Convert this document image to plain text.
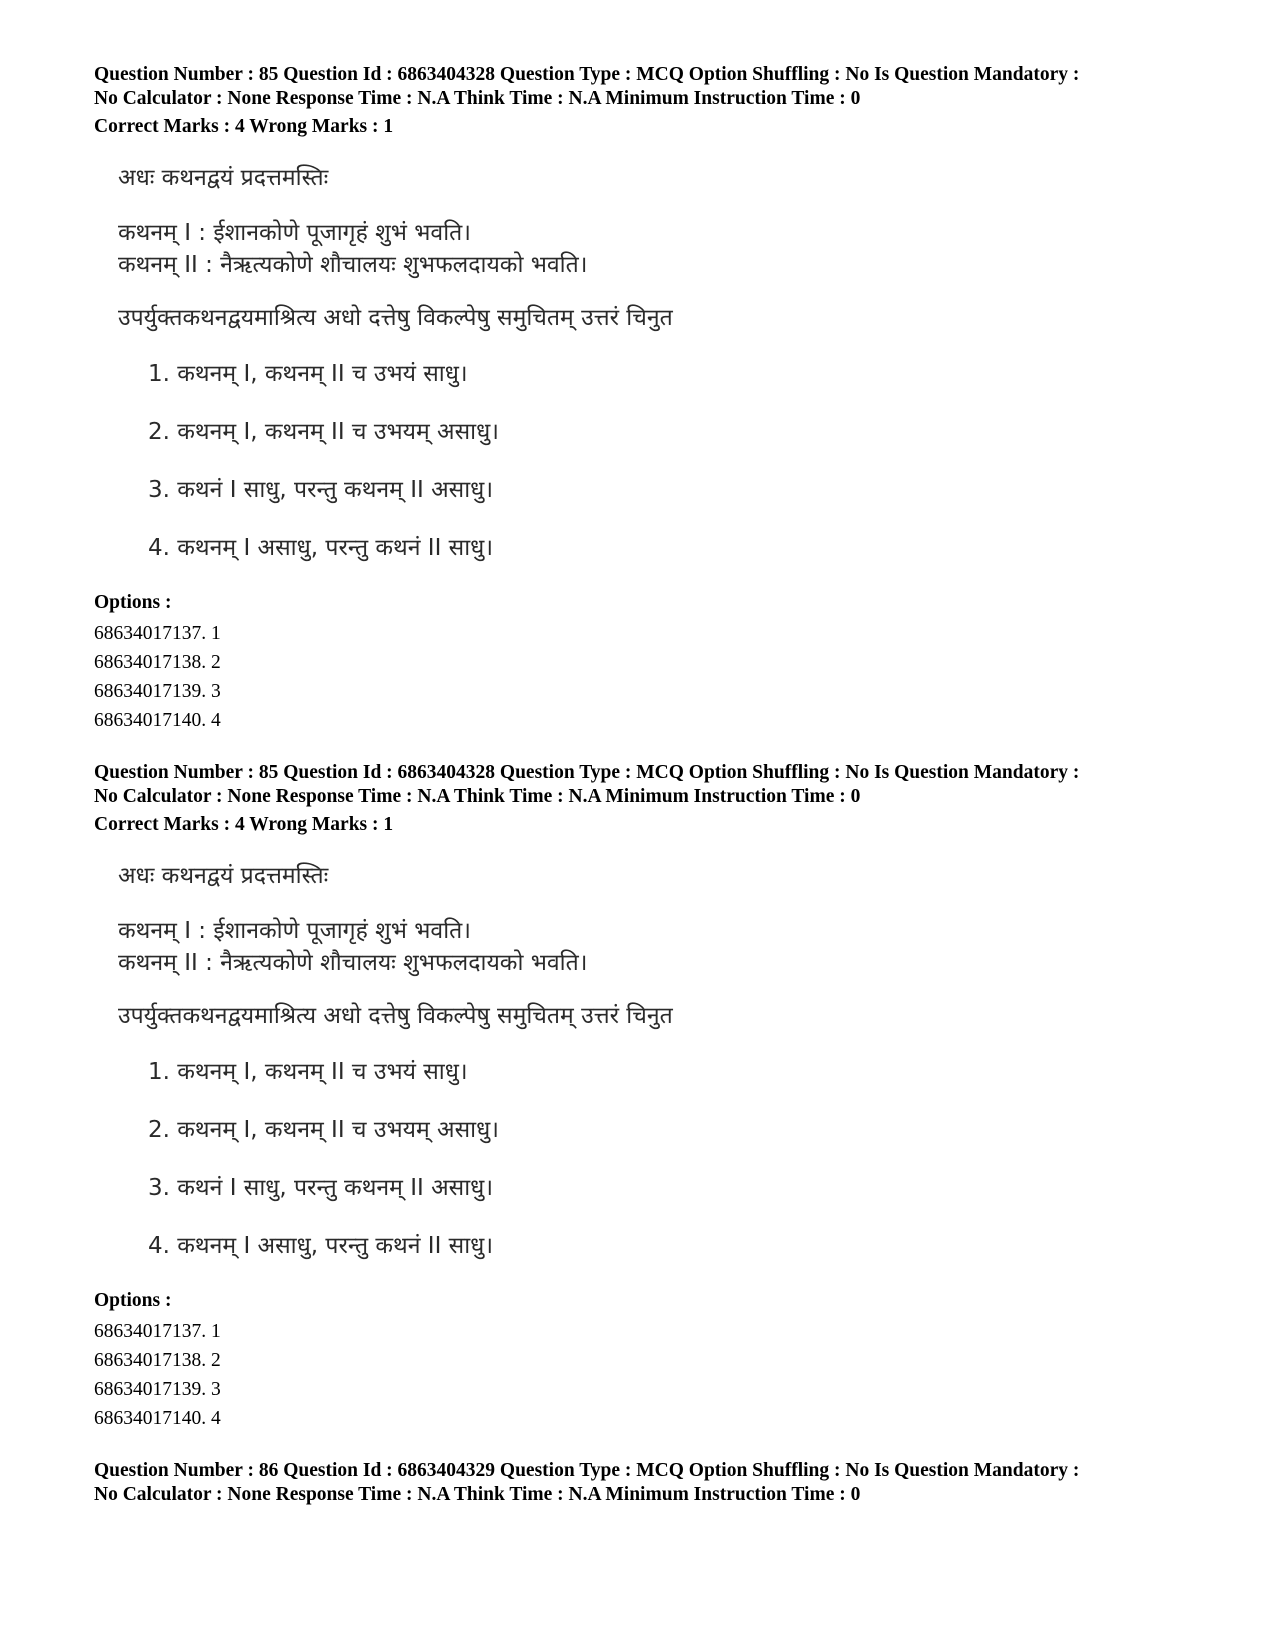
Question Number : 85 Question Id : 6863404328 Question Type : MCQ Option Shuffling : No Is Question Mandatory :

No Calculator : None Response Time : N.A Think Time : N.A Minimum Instruction Time : 0

Correct Marks : 4 Wrong Marks : 1

अधः कथनद्वयं प्रदत्तमस्तिः
कथनम् I : ईशानकोणे पूजागृहं शुभं भवति।
कथनम् II : नैऋत्यकोणे शौचालयः शुभफलदायको भवति।
उपर्युक्तकथनद्वयमाश्रित्य अधो दत्तेषु विकल्पेषु समुचितम् उत्तरं चिनुत
1. कथनम् I, कथनम् II च उभयं साधु।
2. कथनम् I, कथनम् II च उभयम् असाधु।
3. कथनं I साधु, परन्तु कथनम् II असाधु।
4. कथनम् I असाधु, परन्तु कथनं II साधु।
Options :
68634017137. 1
68634017138. 2
68634017139. 3
68634017140. 4

Question Number : 85 Question Id : 6863404328 Question Type : MCQ Option Shuffling : No Is Question Mandatory :

No Calculator : None Response Time : N.A Think Time : N.A Minimum Instruction Time : 0

Correct Marks : 4 Wrong Marks : 1

अधः कथनद्वयं प्रदत्तमस्तिः
कथनम् I : ईशानकोणे पूजागृहं शुभं भवति।
कथनम् II : नैऋत्यकोणे शौचालयः शुभफलदायको भवति।
उपर्युक्तकथनद्वयमाश्रित्य अधो दत्तेषु विकल्पेषु समुचितम् उत्तरं चिनुत
1. कथनम् I, कथनम् II च उभयं साधु।
2. कथनम् I, कथनम् II च उभयम् असाधु।
3. कथनं I साधु, परन्तु कथनम् II असाधु।
4. कथनम् I असाधु, परन्तु कथनं II साधु।
Options :
68634017137. 1
68634017138. 2
68634017139. 3
68634017140. 4

Question Number : 86 Question Id : 6863404329 Question Type : MCQ Option Shuffling : No Is Question Mandatory :

No Calculator : None Response Time : N.A Think Time : N.A Minimum Instruction Time : 0
